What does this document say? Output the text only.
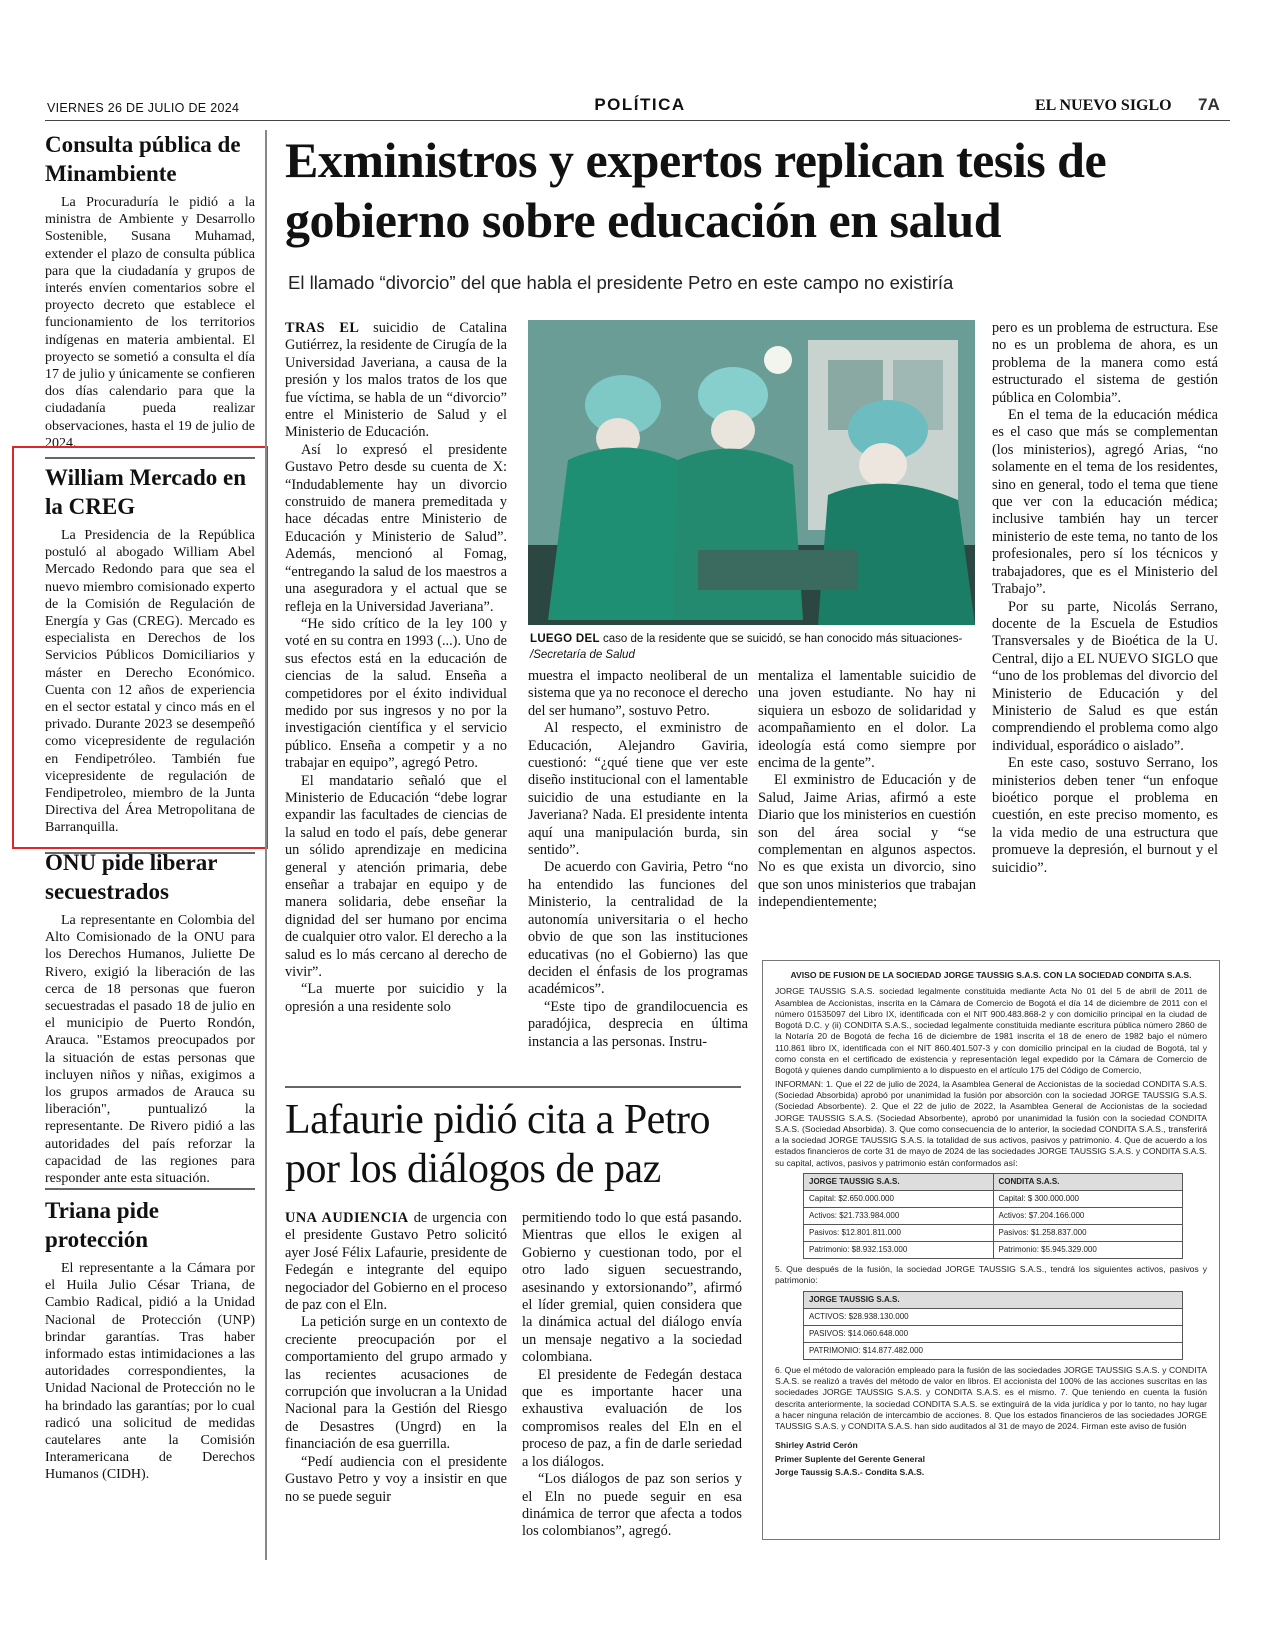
VIERNES 26 DE JULIO DE 2024	POLÍTICA	EL NUEVO SIGLO 7A
Consulta pública de Minambiente

La Procuraduría le pidió a la ministra de Ambiente y Desarrollo Sostenible, Susana Muhamad, extender el plazo de consulta pública para que la ciudadanía y grupos de interés envíen comentarios sobre el proyecto decreto que establece el funcionamiento de los territorios indígenas en materia ambiental. El proyecto se sometió a consulta el día 17 de julio y únicamente se confieren dos días calendario para que la ciudadanía pueda realizar observaciones, hasta el 19 de julio de 2024.

William Mercado en la CREG

La Presidencia de la República postuló al abogado William Abel Mercado Redondo para que sea el nuevo miembro comisionado experto de la Comisión de Regulación de Energía y Gas (CREG). Mercado es especialista en Derechos de los Servicios Públicos Domiciliarios y máster en Derecho Económico. Cuenta con 12 años de experiencia en el sector estatal y cinco más en el privado. Durante 2023 se desempeñó como vicepresidente de regulación en Fendipetróleo. También fue vicepresidente de regulación de Fendipetroleo, miembro de la Junta Directiva del Área Metropolitana de Barranquilla.

ONU pide liberar secuestrados

La representante en Colombia del Alto Comisionado de la ONU para los Derechos Humanos, Juliette De Rivero, exigió la liberación de las cerca de 18 personas que fueron secuestradas el pasado 18 de julio en el municipio de Puerto Rondón, Arauca. "Estamos preocupados por la situación de estas personas que incluyen niños y niñas, exigimos a los grupos armados de Arauca su liberación", puntualizó la representante. De Rivero pidió a las autoridades del país reforzar la capacidad de las regiones para responder ante esta situación.

Triana pide protección

El representante a la Cámara por el Huila Julio César Triana, de Cambio Radical, pidió a la Unidad Nacional de Protección (UNP) brindar garantías. Tras haber informado estas intimidaciones a las autoridades correspondientes, la Unidad Nacional de Protección no le ha brindado las garantías; por lo cual radicó una solicitud de medidas cautelares ante la Comisión Interamericana de Derechos Humanos (CIDH).

Exministros y expertos replican tesis de gobierno sobre educación en salud
El llamado “divorcio” del que habla el presidente Petro en este campo no existiría

TRAS EL suicidio de Catalina Gutiérrez, la residente de Cirugía de la Universidad Javeriana, a causa de la presión y los malos tratos de los que fue víctima, se habla de un “divorcio” entre el Ministerio de Salud y el Ministerio de Educación.

Así lo expresó el presidente Gustavo Petro desde su cuenta de X: “Indudablemente hay un divorcio construido de manera premeditada y hace décadas entre Ministerio de Educación y Ministerio de Salud”. Además, mencionó al Fomag, “entregando la salud de los maestros a una aseguradora y el actual que se refleja en la Universidad Javeriana”.

“He sido crítico de la ley 100 y voté en su contra en 1993 (...). Uno de sus efectos está en la educación de ciencias de la salud. Enseña a competidores por el éxito individual medido por sus ingresos y no por la investigación científica y el servicio público. Enseña a competir y a no trabajar en equipo”, agregó Petro.

El mandatario señaló que el Ministerio de Educación “debe lograr expandir las facultades de ciencias de la salud en todo el país, debe generar un sólido aprendizaje en medicina general y atención primaria, debe enseñar a trabajar en equipo y de manera solidaria, debe enseñar la dignidad del ser humano por encima de cualquier otro valor. El derecho a la salud es lo más cercano al derecho de vivir”.

“La muerte por suicidio y la opresión a una residente solo

LUEGO DEL caso de la residente que se suicidó, se han conocido más situaciones- /Secretaría de Salud

muestra el impacto neoliberal de un sistema que ya no reconoce el derecho del ser humano”, sostuvo Petro.

Al respecto, el exministro de Educación, Alejandro Gaviria, cuestionó: “¿qué tiene que ver este diseño institucional con el lamentable suicidio de una estudiante en la Javeriana? Nada. El presidente intenta aquí una manipulación burda, sin sentido”.

De acuerdo con Gaviria, Petro “no ha entendido las funciones del Ministerio, la centralidad de la autonomía universitaria o el hecho obvio de que son las instituciones educativas (no el Gobierno) las que deciden el énfasis de los programas académicos”.

“Este tipo de grandilocuencia es paradójica, desprecia en última instancia a las personas. Instru-

mentaliza el lamentable suicidio de una joven estudiante. No hay ni siquiera un esbozo de solidaridad y acompañamiento en el dolor. La ideología está como siempre por encima de la gente”.

El exministro de Educación y de Salud, Jaime Arias, afirmó a este Diario que los ministerios en cuestión son del área social y “se complementan en algunos aspectos. No es que exista un divorcio, sino que son unos ministerios que trabajan independientemente;

pero es un problema de estructura. Ese no es un problema de ahora, es un problema de la manera como está estructurado el sistema de gestión pública en Colombia”.

En el tema de la educación médica es el caso que más se complementan (los ministerios), agregó Arias, “no solamente en el tema de los residentes, sino en general, todo el tema que tiene que ver con la educación médica; inclusive también hay un tercer ministerio de este tema, no tanto de los profesionales, pero sí los técnicos y trabajadores, que es el Ministerio del Trabajo”.

Por su parte, Nicolás Serrano, docente de la Escuela de Estudios Transversales y de Bioética de la U. Central, dijo a EL NUEVO SIGLO que “uno de los problemas del divorcio del Ministerio de Educación y del Ministerio de Salud es que están comprendiendo el problema como algo individual, esporádico o aislado”.

En este caso, sostuvo Serrano, los ministerios deben tener “un enfoque bioético porque el problema en cuestión, en este preciso momento, es la vida medio de una estructura que promueve la depresión, el burnout y el suicidio”.

Lafaurie pidió cita a Petro por los diálogos de paz

UNA AUDIENCIA de urgencia con el presidente Gustavo Petro solicitó ayer José Félix Lafaurie, presidente de Fedegán e integrante del equipo negociador del Gobierno en el proceso de paz con el Eln.

La petición surge en un contexto de creciente preocupación por el comportamiento del grupo armado y las recientes acusaciones de corrupción que involucran a la Unidad Nacional para la Gestión del Riesgo de Desastres (Ungrd) en la financiación de esa guerrilla.

“Pedí audiencia con el presidente Gustavo Petro y voy a insistir en que no se puede seguir

permitiendo todo lo que está pasando. Mientras que ellos le exigen al Gobierno y cuestionan todo, por el otro lado siguen secuestrando, asesinando y extorsionando”, afirmó el líder gremial, quien considera que la dinámica actual del diálogo envía un mensaje negativo a la sociedad colombiana.

El presidente de Fedegán destaca que es importante hacer una exhaustiva evaluación de los compromisos reales del Eln en el proceso de paz, a fin de darle seriedad a los diálogos.

“Los diálogos de paz son serios y el Eln no puede seguir en esa dinámica de terror que afecta a todos los colombianos”, agregó.

AVISO DE FUSION DE LA SOCIEDAD JORGE TAUSSIG S.A.S. CON LA SOCIEDAD CONDITA S.A.S.

JORGE TAUSSIG S.A.S. sociedad legalmente constituida mediante Acta No 01 del 5 de abril de 2011 de Asamblea de Accionistas, inscrita en la Cámara de Comercio de Bogotá el día 14 de diciembre de 2011 con el número 01535097 del Libro IX, identificada con el NIT 900.483.868-2 y con domicilio principal en la ciudad de Bogotá D.C. y (ii) CONDITA S.A.S., sociedad legalmente constituida mediante escritura pública número 2860 de la Notaría 20 de Bogotá de fecha 16 de diciembre de 1981 inscrita el 18 de enero de 1982 bajo el número 110.861 libro IX, identificada con el NIT 860.401.507-3 y con domicilio principal en la ciudad de Bogotá, tal y como consta en el certificado de existencia y representación legal expedido por la Cámara de Comercio de Bogotá y quienes dando cumplimiento a lo dispuesto en el artículo 175 del Código de Comercio,

INFORMAN: 1. Que el 22 de julio de 2024, la Asamblea General de Accionistas de la sociedad CONDITA S.A.S. (Sociedad Absorbida) aprobó por unanimidad la fusión por absorción con la sociedad JORGE TAUSSIG S.A.S. (Sociedad Absorbente). 2. Que el 22 de julio de 2022, la Asamblea General de Accionistas de la sociedad JORGE TAUSSIG S.A.S. (Sociedad Absorbente), aprobó por unanimidad la fusión con la sociedad CONDITA S.A.S. (Sociedad Absorbida). 3. Que como consecuencia de lo anterior, la sociedad CONDITA S.A.S., transferirá a la sociedad JORGE TAUSSIG S.A.S. la totalidad de sus activos, pasivos y patrimonio. 4. Que de acuerdo a los estados financieros de corte 31 de mayo de 2024 de las sociedades JORGE TAUSSIG S.A.S. y CONDITA S.A.S. su capital, activos, pasivos y patrimonio están conformados así:

JORGE TAUSSIG S.A.S.	CONDITA S.A.S.
Capital: $2.650.000.000	Capital: $ 300.000.000
Activos: $21.733.984.000	Activos: $7.204.166.000
Pasivos: $12.801.811.000	Pasivos: $1.258.837.000
Patrimonio: $8.932.153.000	Patrimonio: $5.945.329.000

5. Que después de la fusión, la sociedad JORGE TAUSSIG S.A.S., tendrá los siguientes activos, pasivos y patrimonio:

JORGE TAUSSIG S.A.S.
ACTIVOS: $28.938.130.000
PASIVOS: $14.060.648.000
PATRIMONIO: $14.877.482.000

6. Que el método de valoración empleado para la fusión de las sociedades JORGE TAUSSIG S.A.S. y CONDITA S.A.S. se realizó a través del método de valor en libros. El accionista del 100% de las acciones suscritas en las sociedades JORGE TAUSSIG S.A.S. y CONDITA S.A.S. es el mismo. 7. Que teniendo en cuenta la fusión descrita anteriormente, la sociedad CONDITA S.A.S. se extinguirá de la vida jurídica y por lo tanto, no hay lugar a hacer ninguna relación de intercambio de acciones. 8. Que los estados financieros de las sociedades JORGE TAUSSIG S.A.S. y CONDITA S.A.S. han sido auditados al 31 de mayo de 2024. Firman este aviso de fusión

Shirley Astrid Cerón

Primer Suplente del Gerente General

Jorge Taussig S.A.S.- Condita S.A.S.
